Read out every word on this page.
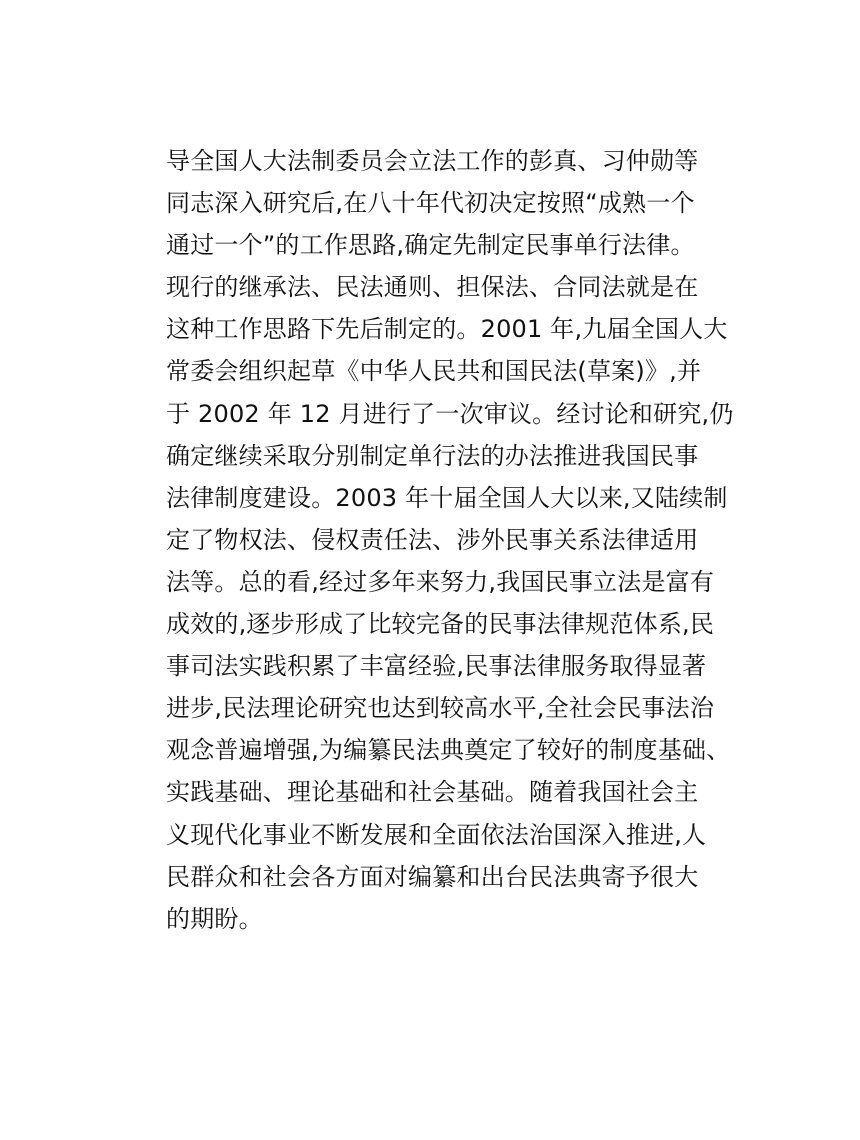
导全国人大法制委员会立法工作的彭真、习仲勋等
同志深入研究后,在八十年代初决定按照“成熟一个
通过一个”的工作思路,确定先制定民事单行法律。
现行的继承法、民法通则、担保法、合同法就是在
这种工作思路下先后制定的。2001 年,九届全国人大
常委会组织起草《中华人民共和国民法(草案)》,并
于 2002 年 12 月进行了一次审议。经讨论和研究,仍
确定继续采取分别制定单行法的办法推进我国民事
法律制度建设。2003 年十届全国人大以来,又陆续制
定了物权法、侵权责任法、涉外民事关系法律适用
法等。总的看,经过多年来努力,我国民事立法是富有
成效的,逐步形成了比较完备的民事法律规范体系,民
事司法实践积累了丰富经验,民事法律服务取得显著
进步,民法理论研究也达到较高水平,全社会民事法治
观念普遍增强,为编纂民法典奠定了较好的制度基础、
实践基础、理论基础和社会基础。随着我国社会主
义现代化事业不断发展和全面依法治国深入推进,人
民群众和社会各方面对编纂和出台民法典寄予很大
的期盼。
